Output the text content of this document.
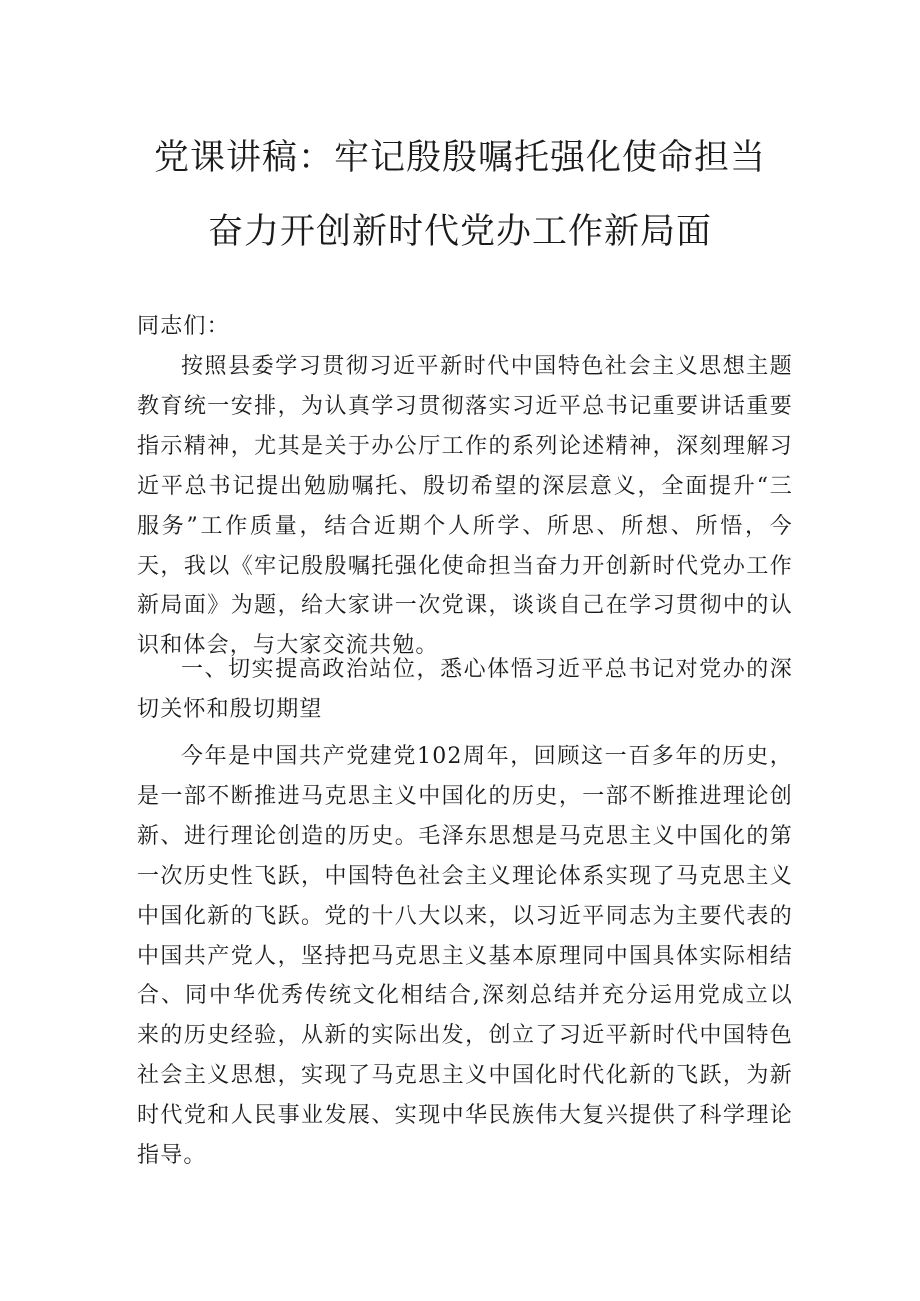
党课讲稿：牢记殷殷嘱托强化使命担当
奋力开创新时代党办工作新局面
同志们：

按照县委学习贯彻习近平新时代中国特色社会主义思想主题教育统一安排，为认真学习贯彻落实习近平总书记重要讲话重要指示精神，尤其是关于办公厅工作的系列论述精神，深刻理解习近平总书记提出勉励嘱托、殷切希望的深层意义，全面提升“三服务”工作质量，结合近期个人所学、所思、所想、所悟，今天，我以《牢记殷殷嘱托强化使命担当奋力开创新时代党办工作新局面》为题，给大家讲一次党课，谈谈自己在学习贯彻中的认识和体会，与大家交流共勉。

一、切实提高政治站位，悉心体悟习近平总书记对党办的深切关怀和殷切期望

今年是中国共产党建党102周年，回顾这一百多年的历史，是一部不断推进马克思主义中国化的历史，一部不断推进理论创新、进行理论创造的历史。毛泽东思想是马克思主义中国化的第一次历史性飞跃，中国特色社会主义理论体系实现了马克思主义中国化新的飞跃。党的十八大以来，以习近平同志为主要代表的中国共产党人，坚持把马克思主义基本原理同中国具体实际相结合、同中华优秀传统文化相结合,深刻总结并充分运用党成立以来的历史经验，从新的实际出发，创立了习近平新时代中国特色社会主义思想，实现了马克思主义中国化时代化新的飞跃，为新时代党和人民事业发展、实现中华民族伟大复兴提供了科学理论指导。
